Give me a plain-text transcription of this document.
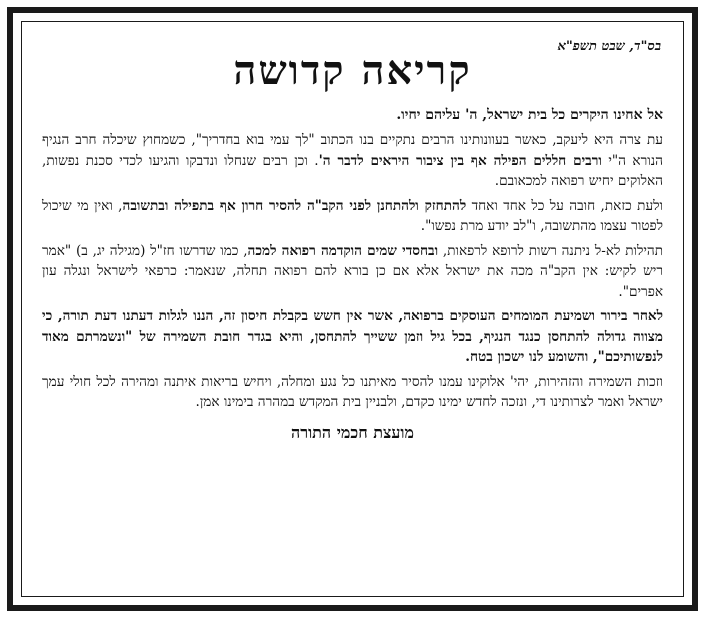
בס"ד, שבט תשפ"א
קריאה קדושה
אל אחינו היקרים כל בית ישראל, ה' עליהם יחיו.

עת צרה היא ליעקב, כאשר בעוונותינו הרבים נתקיים בנו הכתוב "לך עמי בוא בחדריך", כשמחוץ שיכלה חרב הנגיף הנורא ה"י ורבים חללים הפילה אף בין ציבור היראים לדבר ה'. וכן רבים שנחלו ונדבקו והגיעו לכדי סכנת נפשות, האלוקים יחיש רפואה למכאובם.

ולעת כזאת, חובה על כל אחד ואחד להתחזק ולהתחנן לפני הקב"ה להסיר חרון אף בתפילה ובתשובה, ואין מי שיכול לפטור עצמו מהתשובה, ו"לב יודע מרת נפשו".

תהילות לא-ל ניתנה רשות לרופא לרפאות, ובחסדי שמים הוקדמה רפואה למכה, כמו שדרשו חז"ל (מגילה יג, ב) "אמר ריש לקיש: אין הקב"ה מכה את ישראל אלא אם כן בורא להם רפואה תחלה, שנאמר: כרפאי לישראל ונגלה עון אפרים".

לאחר בירור ושמיעת המומחים העוסקים ברפואה, אשר אין חשש בקבלת חיסון זה, הננו לגלות דעתנו דעת תורה, כי מצווה גדולה להתחסן כנגד הנגיף, בכל גיל וזמן ששייך להתחסן, והיא בגדר חובת השמירה של "ונשמרתם מאוד לנפשותיכם", והשומע לנו ישכון בטח.

וזכות השמירה והזהירות, יהי' אלוקינו עמנו להסיר מאיתנו כל נגע ומחלה, ויחיש בריאות איתנה ומהירה לכל חולי עמך ישראל ואמר לצרותינו די, ונזכה לחדש ימינו כקדם, ולבניין בית המקדש במהרה בימינו אמן.

מועצת חכמי התורה
